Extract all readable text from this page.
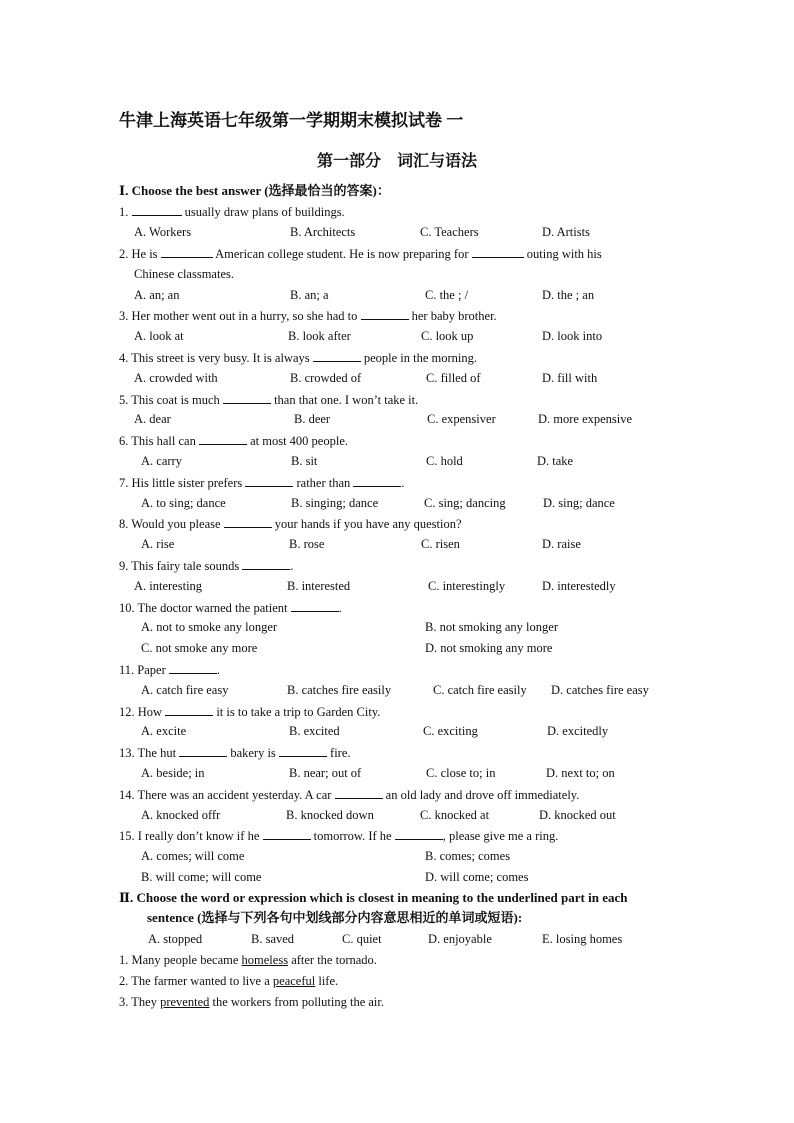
牛津上海英语七年级第一学期期末模拟试卷 一
第一部分　词汇与语法
Ⅰ. Choose the best answer (选择最恰当的答案)：
1.	usually draw plans of buildings.
A. Workers	B. Architects	C. Teachers	D. Artists
2. He is	American college student. He is now preparing for	outing with his
Chinese classmates.
A. an; an	B. an; a	C. the ; /	D. the ; an
3. Her mother went out in a hurry, so she had to	her baby brother.
A. look at	B. look after	C. look up	D. look into
4. This street is very busy. It is always	people in the morning.
A. crowded with	B. crowded of	C. filled of	D. fill with
5. This coat is much	than that one. I won’t take it.
A. dear	B. deer	C. expensiver	D. more expensive
6. This hall can	at most 400 people.
A. carry	B. sit	C. hold	D. take
7. His little sister prefers	rather than	.
A. to sing; dance	B. singing; dance	C. sing; dancing	D. sing; dance
8. Would you please	your hands if you have any question?
A. rise	B. rose	C. risen	D. raise
9. This fairy tale sounds	.
A. interesting	B. interested	C. interestingly	D. interestedly
10. The doctor warned the patient	.
A. not to smoke any longer	B. not smoking any longer
C. not smoke any more	D. not smoking any more
11. Paper	.
A. catch fire easy	B. catches fire easily	C. catch fire easily D. catches fire easy
12. How	it is to take a trip to Garden City.
A. excite	B. excited	C. exciting	D. excitedly
13. The hut	bakery is	fire.
A. beside; in	B. near; out of	C. close to; in	D. next to; on
14. There was an accident yesterday. A car	an old lady and drove off immediately.
A. knocked offr	B. knocked down	C. knocked at	D. knocked out
15. I really don’t know if he	tomorrow. If he	, please give me a ring.
A. comes; will come	B. comes; comes
B. will come; will come	D. will come; comes
Ⅱ. Choose the word or expression which is closest in meaning to the underlined part in each
sentence (选择与下列各句中划线部分内容意思相近的单词或短语):
A. stopped	B. saved	C. quiet	D. enjoyable	E. losing homes
1. Many people became homeless after the tornado.
2. The farmer wanted to live a peaceful life.
3. They prevented the workers from polluting the air.
